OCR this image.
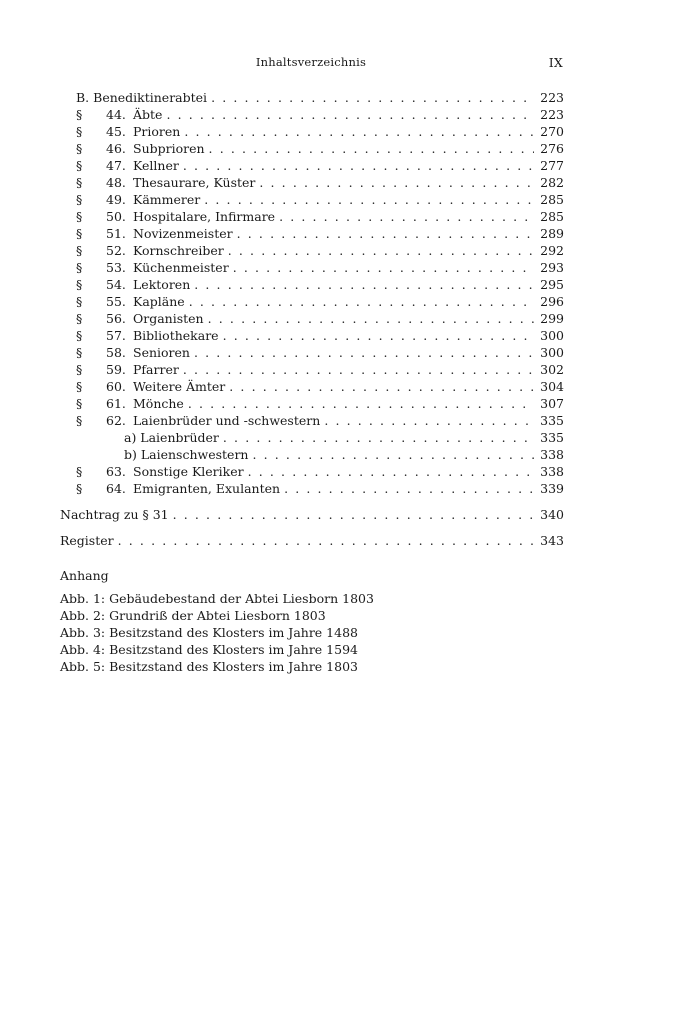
Inhaltsverzeichnis	IX
B. Benediktinerabtei . . .	223
§ 44. Äbte . . .	223
§ 45. Prioren . . .	270
§ 46. Subprioren . . .	276
§ 47. Kellner . . .	277
§ 48. Thesaurare, Küster . . .	282
§ 49. Kämmerer . . .	285
§ 50. Hospitalare, Infirmare . . .	285
§ 51. Novizenmeister . . .	289
§ 52. Kornschreiber . . .	292
§ 53. Küchenmeister . . .	293
§ 54. Lektoren . . .	295
§ 55. Kapläne . . .	296
§ 56. Organisten . . .	299
§ 57. Bibliothekare . . .	300
§ 58. Senioren . . .	300
§ 59. Pfarrer . . .	302
§ 60. Weitere Ämter . . .	304
§ 61. Mönche . . .	307
§ 62. Laienbrüder und -schwestern . . .	335
a) Laienbrüder . . .	335
b) Laienschwestern . . .	338
§ 63. Sonstige Kleriker . . .	338
§ 64. Emigranten, Exulanten . . .	339
Nachtrag zu § 31 . . .	340
Register . . .	343
Anhang
Abb. 1: Gebäudebestand der Abtei Liesborn 1803
Abb. 2: Grundriß der Abtei Liesborn 1803
Abb. 3: Besitzstand des Klosters im Jahre 1488
Abb. 4: Besitzstand des Klosters im Jahre 1594
Abb. 5: Besitzstand des Klosters im Jahre 1803
